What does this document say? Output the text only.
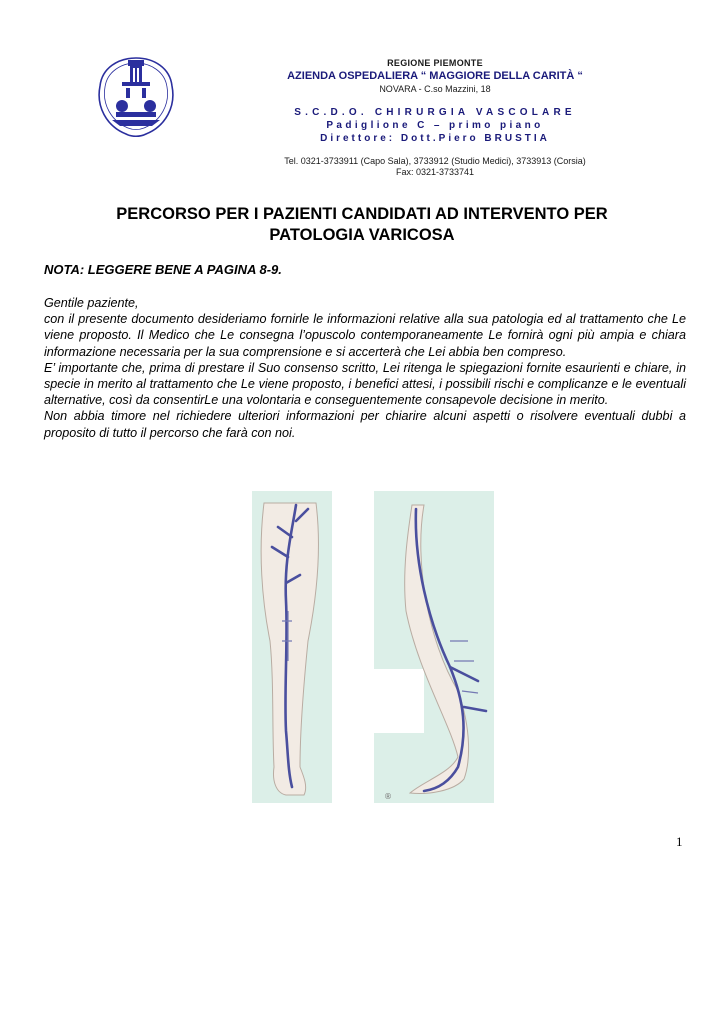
REGIONE PIEMONTE
AZIENDA OSPEDALIERA “ MAGGIORE DELLA CARITÀ “
NOVARA - C.so Mazzini, 18
S.C.D.O. CHIRURGIA VASCOLARE
Padiglione C – primo piano
Direttore: Dott.Piero BRUSTIA
Tel. 0321-3733911 (Capo Sala), 3733912 (Studio Medici), 3733913 (Corsia)
Fax: 0321-3733741
PERCORSO PER I PAZIENTI CANDIDATI AD INTERVENTO PER
PATOLOGIA VARICOSA
NOTA: LEGGERE BENE A PAGINA 8-9.

Gentile paziente,

con il presente documento desideriamo fornirle le informazioni relative alla sua patologia ed al trattamento che Le viene proposto. Il Medico che Le consegna l’opuscolo contemporaneamente Le fornirà ogni più ampia e chiara informazione necessaria per la sua comprensione e si accerterà che Lei abbia ben compreso.

E’ importante che, prima di prestare il Suo consenso scritto, Lei ritenga le spiegazioni fornite esaurienti e chiare, in specie in merito al trattamento che Le viene proposto, i benefici attesi, i possibili rischi e complicanze e le eventuali alternative, così da consentirLe una volontaria e conseguentemente consapevole decisione in merito.

Non abbia timore nel richiedere ulteriori informazioni per chiarire alcuni aspetti o risolvere eventuali dubbi a proposito di tutto il percorso che farà con noi.

®
1
